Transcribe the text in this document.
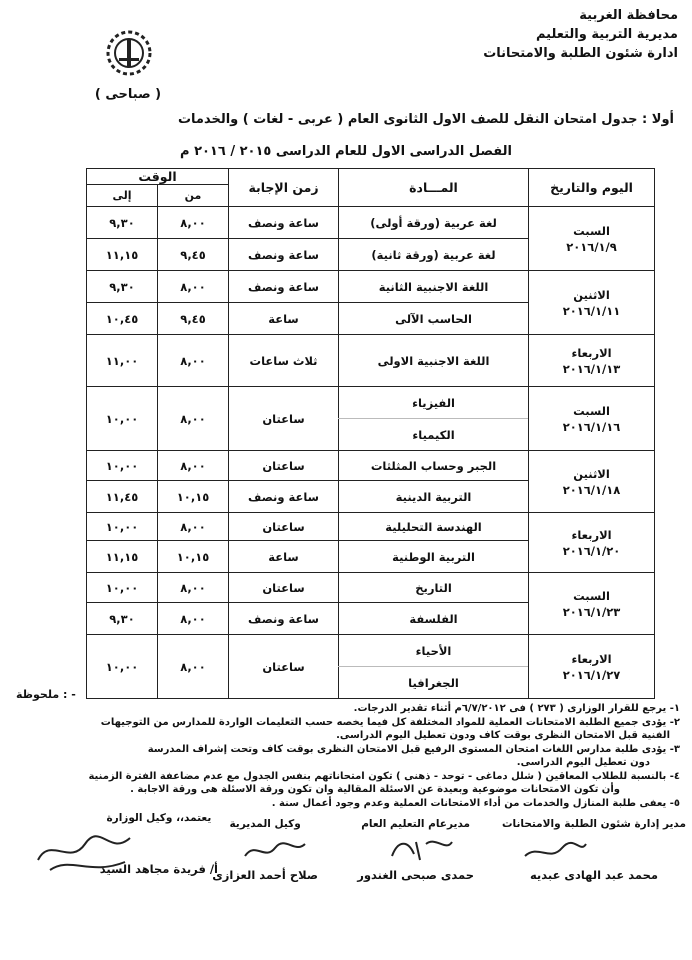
محافظة الغربية
مديرية التربية والتعليم
ادارة شئون الطلبة والامتحانات
( صباحى )
أولا : جدول امتحان النقل للصف الاول الثانوى العام ( عربى - لغات ) والخدمات
الفصل الدراسى الاول للعام الدراسى ٢٠١٥ / ٢٠١٦ م
اليوم والتاريخ	المـــادة	زمن الإجابة	الوقت	
			من	إلى

السبت
٢٠١٦/١/٩	لغة عربية (ورقة أولى)	ساعة ونصف	٨,٠٠	٩,٣٠
	لغة عربية (ورقة ثانية)	ساعة ونصف	٩,٤٥	١١,١٥

الاثنين
٢٠١٦/١/١١	اللغة الاجنبية الثانية	ساعة ونصف	٨,٠٠	٩,٣٠
	الحاسب الآلى	ساعة	٩,٤٥	١٠,٤٥

الاربعاء
٢٠١٦/١/١٣	اللغة الاجنبية الاولى	ثلاث ساعات	٨,٠٠	١١,٠٠

السبت
٢٠١٦/١/١٦	الفيزياء	ساعتان	٨,٠٠	١٠,٠٠
	الكيمياء			

الاثنين
٢٠١٦/١/١٨	الجبر وحساب المثلثات	ساعتان	٨,٠٠	١٠,٠٠
	التربية الدينية	ساعة ونصف	١٠,١٥	١١,٤٥

الاربعاء
٢٠١٦/١/٢٠	الهندسة التحليلية	ساعتان	٨,٠٠	١٠,٠٠
	التربية الوطنية	ساعة	١٠,١٥	١١,١٥

السبت
٢٠١٦/١/٢٣	التاريخ	ساعتان	٨,٠٠	١٠,٠٠
	الفلسفة	ساعة ونصف	٨,٠٠	٩,٣٠

الاربعاء
٢٠١٦/١/٢٧	الأحياء	ساعتان	٨,٠٠	١٠,٠٠
	الجغرافيا			
ملحوظة : -
١- يرجع للقرار الوزارى ( ٢٧٣ ) فى ٦/٧/٢٠١٢م أثناء تقدير الدرجات.
٢- يؤدى جميع الطلبة الامتحانات العملية للمواد المختلفة كل فيما يخصه حسب التعليمات الواردة للمدارس من التوجيهات
الفنية قبل الامتحان النظرى بوقت كاف ودون تعطيل اليوم الدراسى.
٣- يؤدى طلبة مدارس اللغات امتحان المستوى الرفيع قبل الامتحان النظرى بوقت كاف وتحت إشراف المدرسة
دون تعطيل اليوم الدراسى.
٤- بالنسبة للطلاب المعاقين ( شلل دماغى - توحد - ذهنى ) تكون امتحاناتهم بنفس الجدول مع عدم مضاعفة الفترة الزمنية
وأن تكون الامتحانات موضوعية وبعيدة عن الاسئلة المقالية وان تكون ورقة الاسئلة هى ورقة الاجابة .
٥- يعفى طلبة المنازل والخدمات من أداء الامتحانات العملية وعدم وجود أعمال سنة .
مدير إدارة شئون الطلبة والامتحانات
محمد عبد الهادى عبديه
مديرعام التعليم العام
حمدى صبحى الغندور
وكيل المديرية
صلاح أحمد العزازى
يعتمد،، وكيل الوزارة
أ/ فريدة مجاهد السيد
